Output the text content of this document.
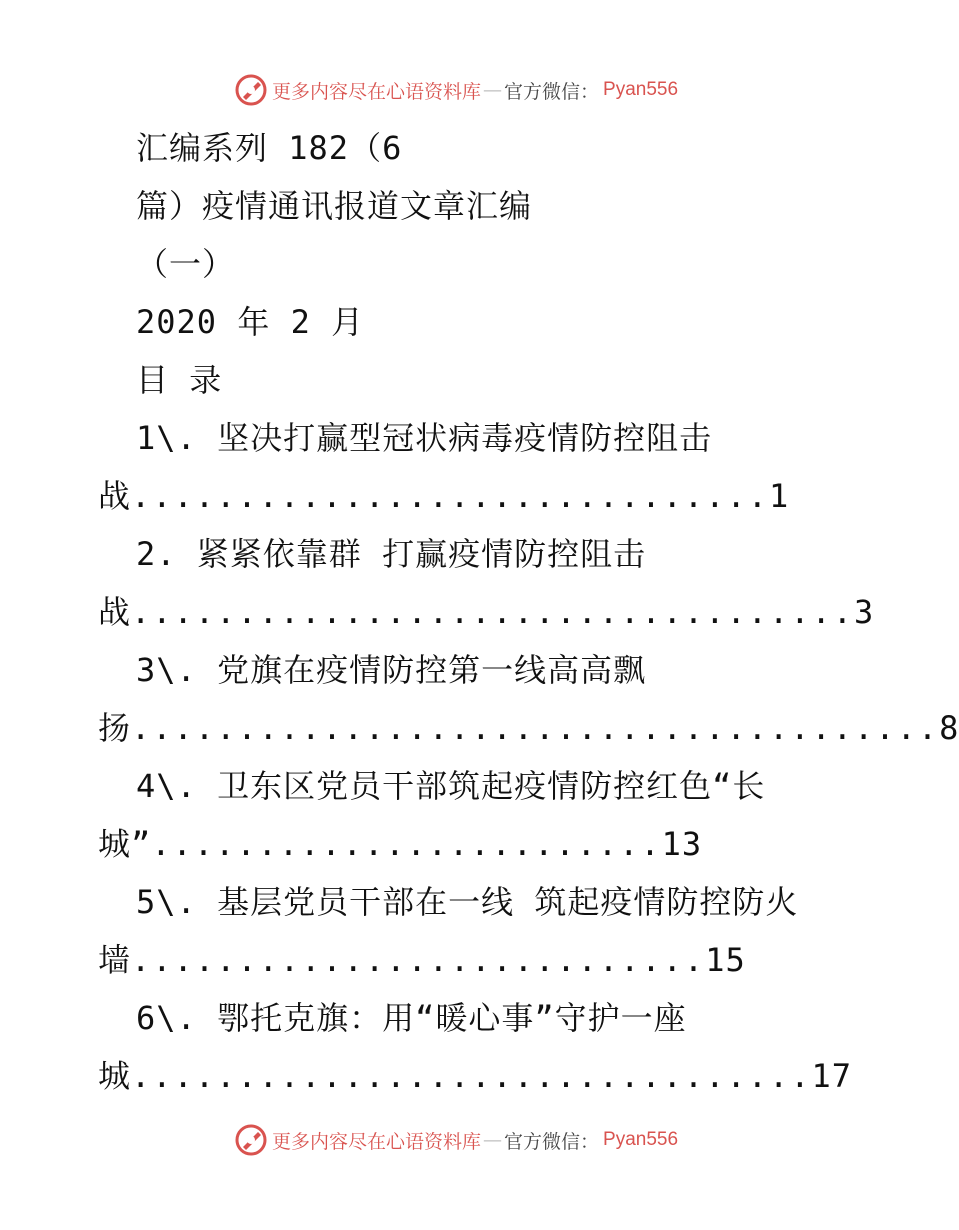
更多内容尽在心语资料库 — 官方微信： Pyan556
汇编系列 182（6
篇）疫情通讯报道文章汇编
（一）
2020 年 2 月
目 录
1\. 坚决打赢型冠状病毒疫情防控阻击
战..............................1
2. 紧紧依靠群 打赢疫情防控阻击
战..................................3
3\. 党旗在疫情防控第一线高高飘
扬......................................8
4\. 卫东区党员干部筑起疫情防控红色“长
城”........................13
5\. 基层党员干部在一线 筑起疫情防控防火
墙...........................15
6\. 鄂托克旗：用“暖心事”守护一座
城................................17
更多内容尽在心语资料库 — 官方微信： Pyan556
